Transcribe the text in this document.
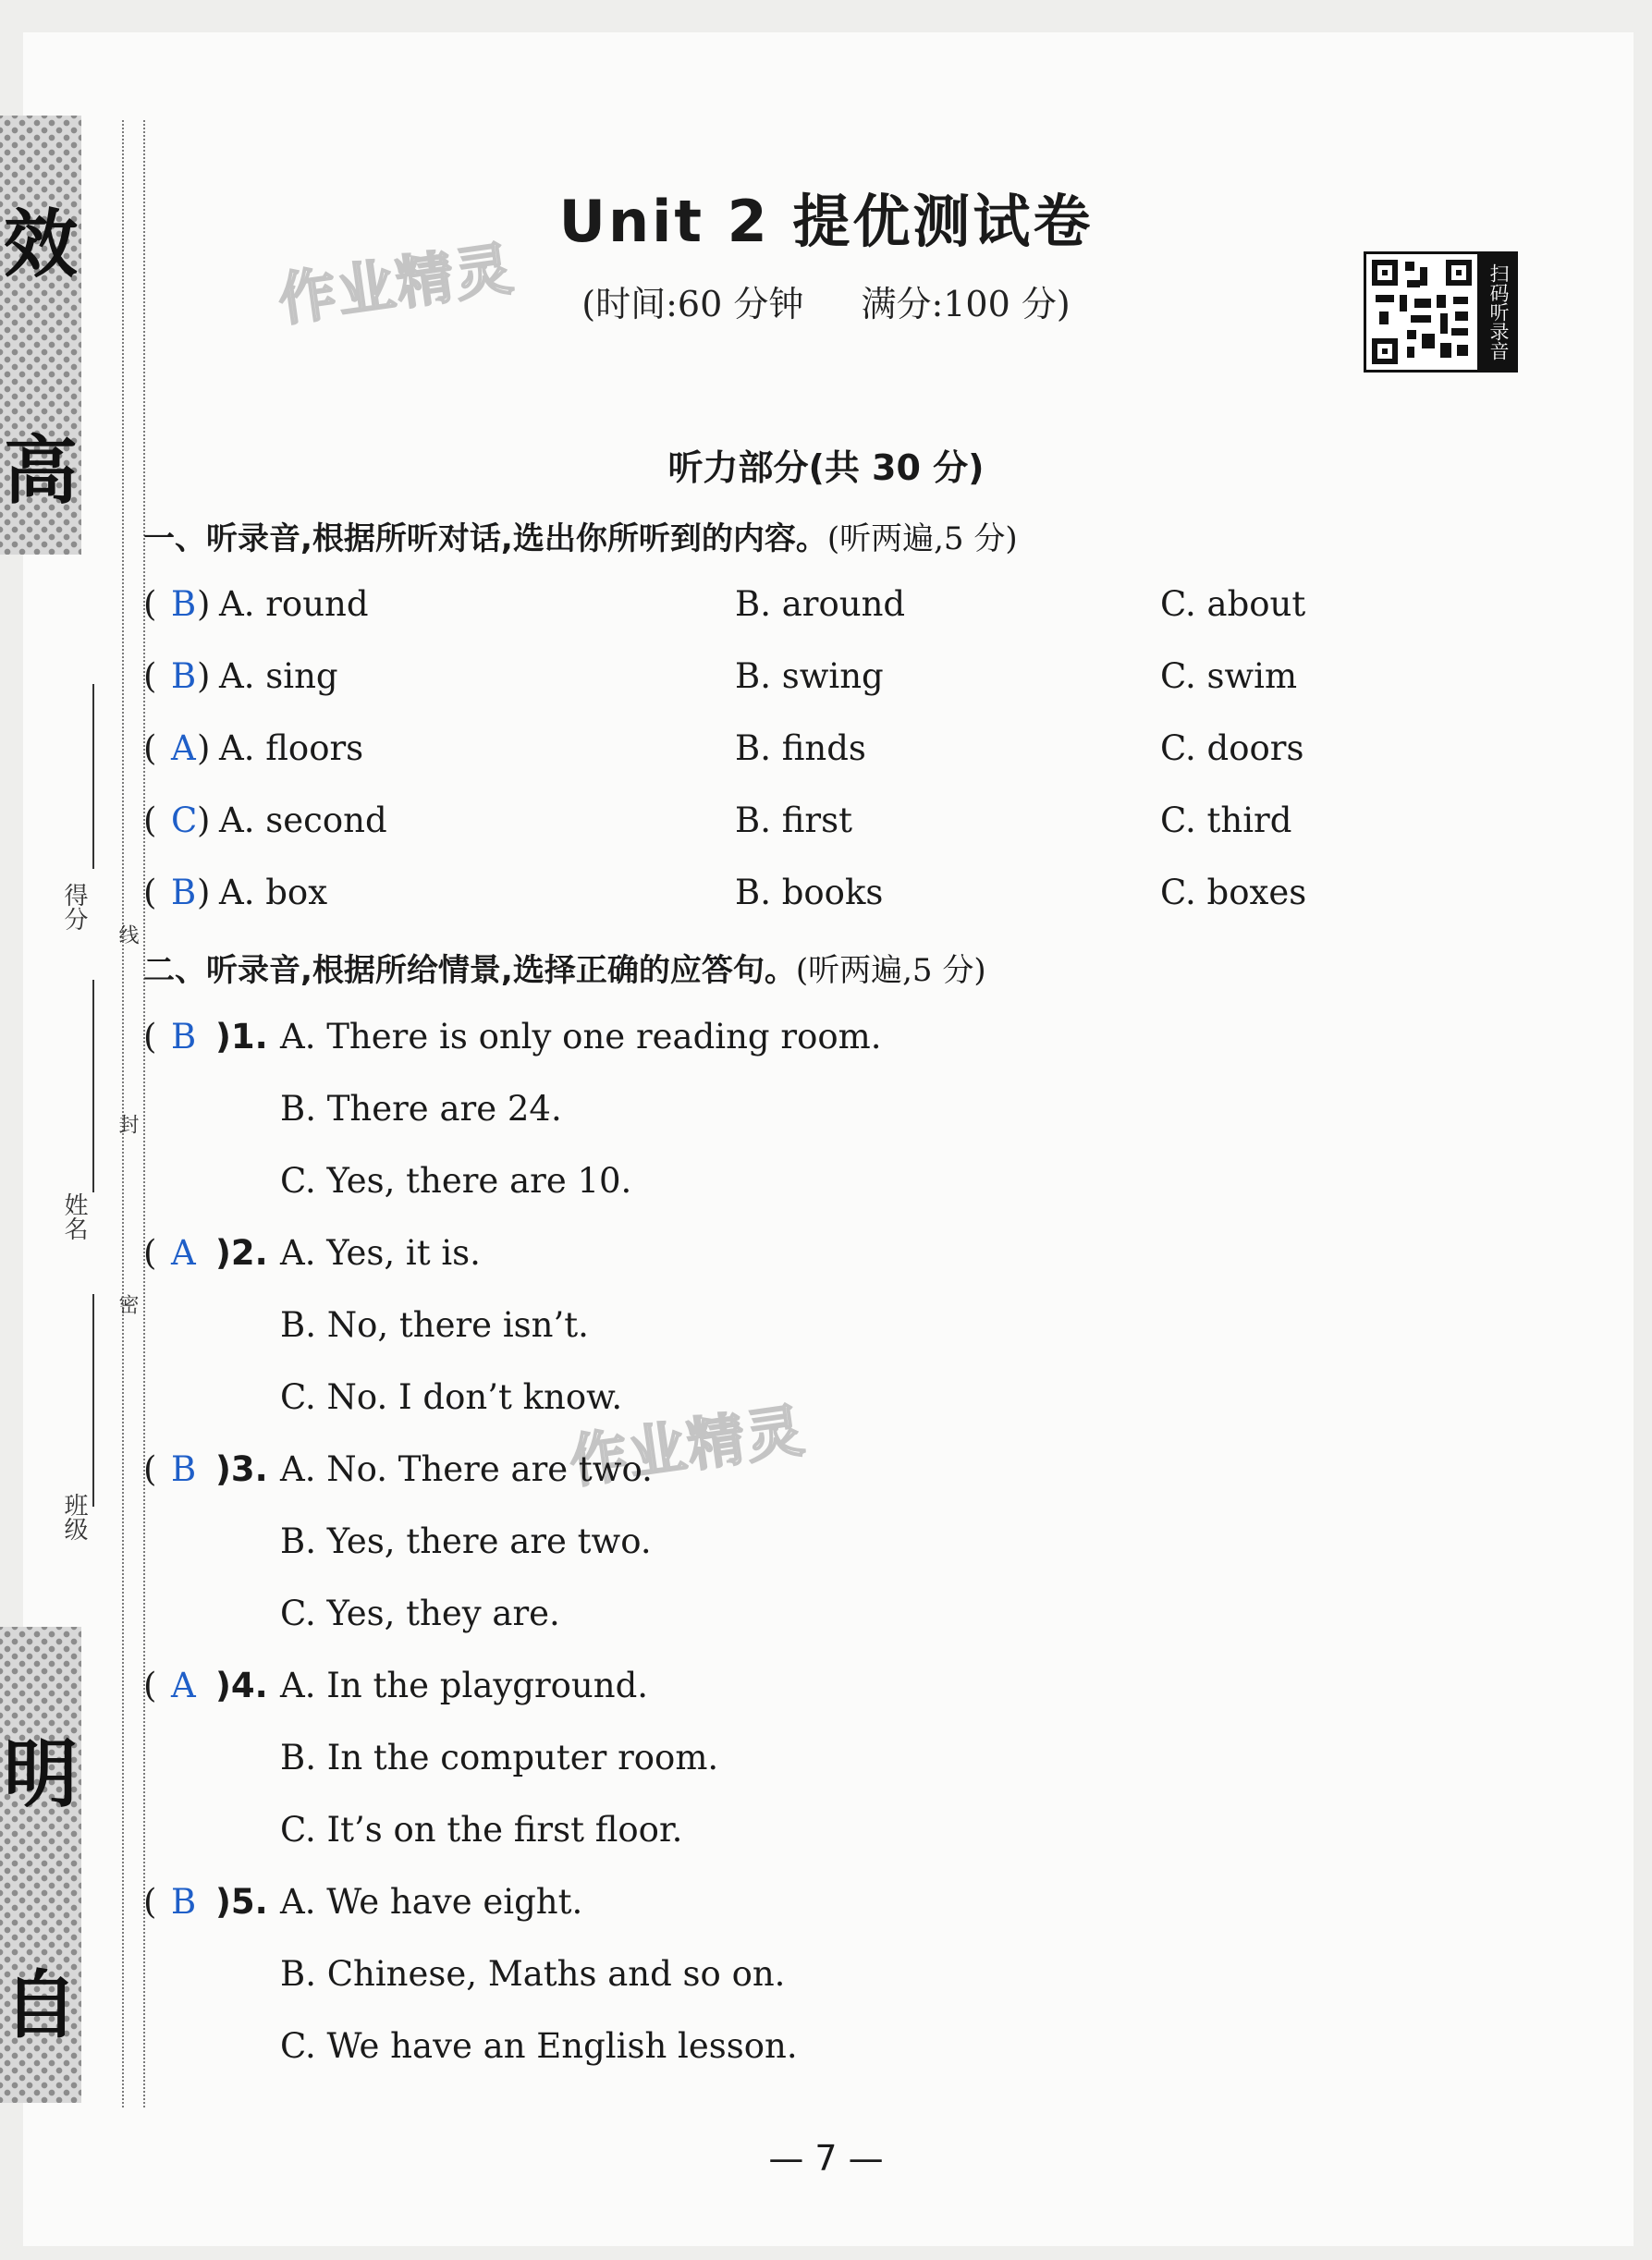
效
高
明
自
得分
姓名
班级
线
封
密
作业精灵
作业精灵
Unit 2 提优测试卷
(时间:60 分钟 满分:100 分)	扫码听录音
听力部分(共 30 分)
一、听录音,根据所听对话,选出你所听到的内容。(听两遍,5 分)
( B A. round	B. around	C. about
)
( B A. sing	B. swing	C. swim
)
( A A. floors	B. finds	C. doors
)
( C A. second	B. first	C. third
)
( B A. box	B. books	C. boxes
)
二、听录音,根据所给情景,选择正确的应答句。(听两遍,5 分)
( B )1. A. There is only one reading room.
B. There are 24.
C. Yes, there are 10.
( A )2. A. Yes, it is.
B. No, there isn’t.
C. No. I don’t know.
( B )3. A. No. There are two.
B. Yes, there are two.
C. Yes, they are.
( A )4. A. In the playground.
B. In the computer room.
C. It’s on the first floor.
( B )5. A. We have eight.
B. Chinese, Maths and so on.
C. We have an English lesson.
— 7 —
